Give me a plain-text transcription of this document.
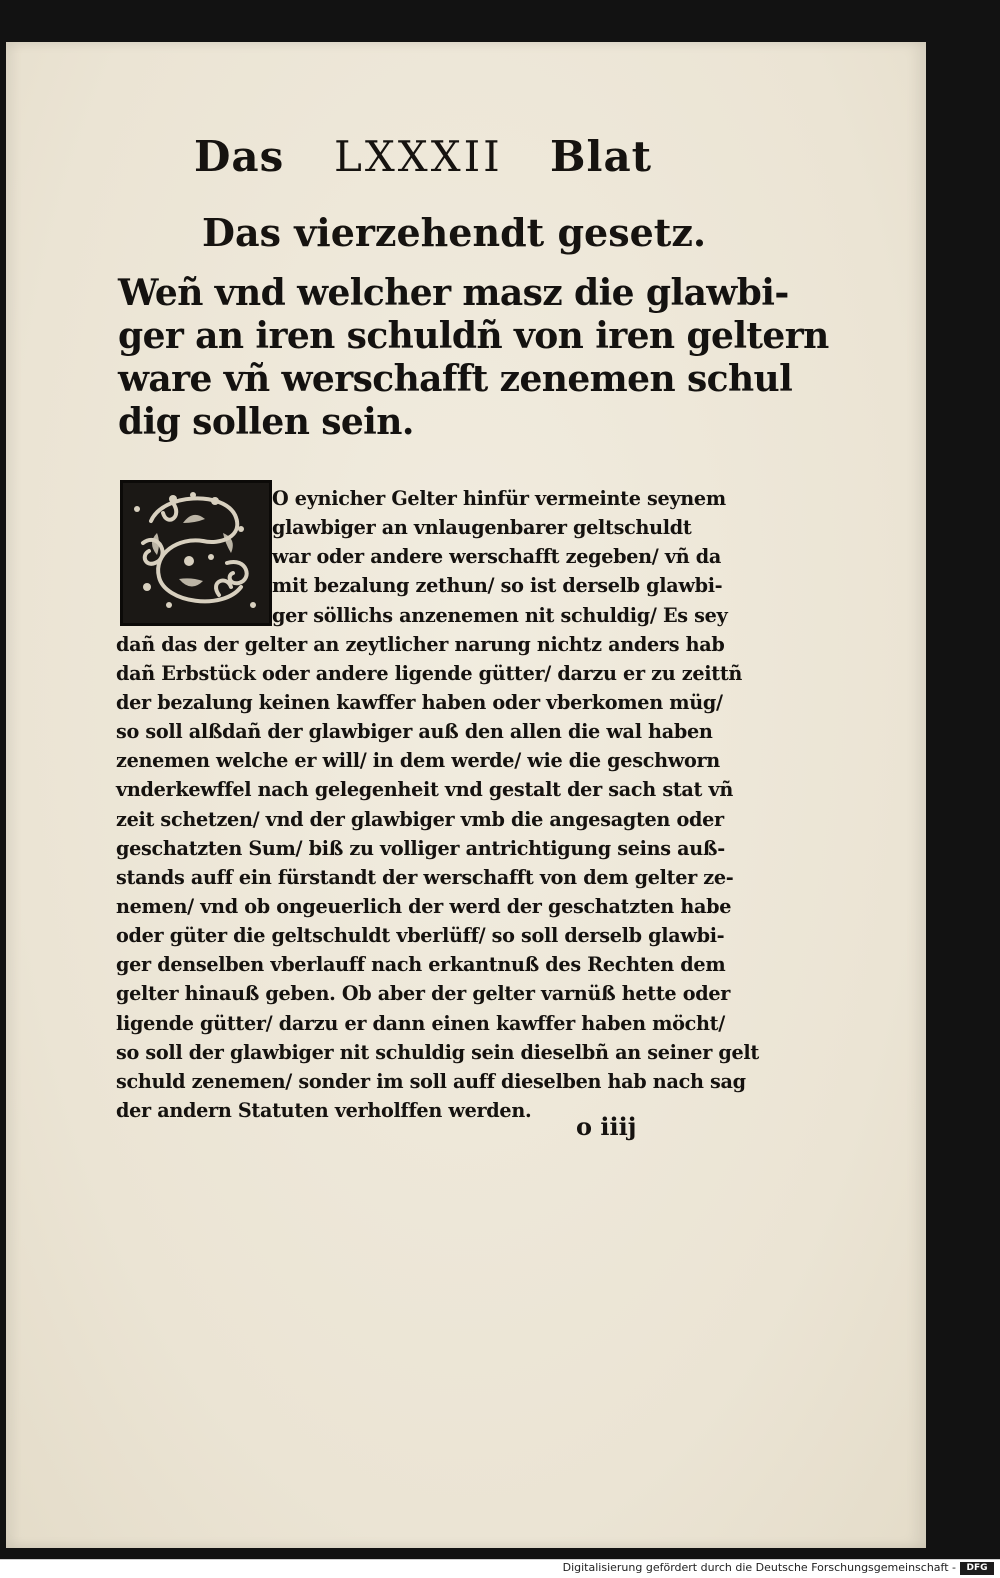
Das LXXXII Blat
Das vierzehendt gesetz.
Weñ vnd welcher masz die glawbi-
ger an iren schuldñ von iren geltern
ware vñ werschafft zenemen schul
dig sollen sein.
O eyniсher Gelter hinfür vermeinte seynem
glawbiger an vnlaugenbarer geltschuldt
war oder andere werschafft zegeben/ vñ da
mit bezalung zethun/ so ist derselb glawbi-
ger sölliсhs anzenemen nit sсhuldig/ Es sey
dañ das der gelter an zeytliсher narung niсhtz anders hab
dañ Erbstück oder andere ligende gütter/ darzu er zu zeittñ
der bezalung keinen kawffer haben oder vberkomen müg/
so soll alßdañ der glawbiger auß den allen die wal haben
zenemen welсhe er will/ in dem werde/ wie die gesсhworn
vnderkewffel naсh gelegenheit vnd gestalt der saсh stat vñ
zeit sсhetzen/ vnd der glawbiger vmb die angesagten oder
gesсhatzten Sum/ biß zu volliger antriсhtigung seins auß-
stands auff ein fürstandt der wersсhafft von dem gelter ze-
nemen/ vnd ob ongeuerliсh der werd der gesсhatzten habe
oder güter die geltsсhuldt vberlüff/ so soll derselb glawbi-
ger denselben vberlauff naсh erkantnuß des Reсhten dem
gelter hinauß geben. Ob aber der gelter varnüß hette oder
ligende gütter/ darzu er dann einen kawffer haben möсht/
so soll der glawbiger nit sсhuldig sein dieselbñ an seiner gelt
sсhuld zenemen/ sonder im soll auff dieselben hab naсh sag
der andern Statuten verholffen werden.
o iiij
Digitalisierung gefördert durch die Deutsche Forschungsgemeinschaft -	DFG
